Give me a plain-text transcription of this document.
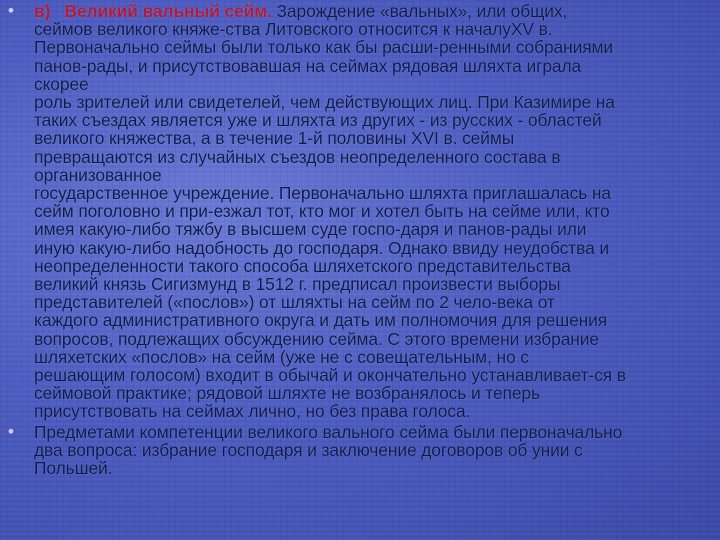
•	в) Великий вальный сейм. Зарождение «вальных», или общих,
сеймов великого княже-ства Литовского относится к началуXV в.
Первоначально сеймы были только как бы расши-ренными собраниями
панов-рады, и присутствовавшая на сеймах рядовая шляхта играла
скорее
роль зрителей или свидетелей, чем действующих лиц. При Казимире на
таких съездах является уже и шляхта из других - из русских - областей
великого княжества, а в течение 1-й половины XVI в. сеймы
превращаются из случайных съездов неопределенного состава в
организованное
государственное учреждение. Первоначально шляхта приглашалась на
сейм поголовно и при-езжал тот, кто мог и хотел быть на сейме или, кто
имея какую-либо тяжбу в высшем суде госпо-даря и панов-рады или
иную какую-либо надобность до господаря. Однако ввиду неудобства и
неопределенности такого способа шляхетского представительства
великий князь Сигизмунд в 1512 г. предписал произвести выборы
представителей («послов») от шляхты на сейм по 2 чело-века от
каждого административного округа и дать им полномочия для решения
вопросов, подлежащих обсуждению сейма. С этого времени избрание
шляхетских «послов» на сейм (уже не с совещательным, но с
решающим голосом) входит в обычай и окончательно устанавливает-ся в
сеймовой практике; рядовой шляхте не возбранялось и теперь
присутствовать на сеймах лично, но без права голоса.
•	Предметами компетенции великого вального сейма были первоначально
два вопроса: избрание господаря и заключение договоров об унии с
Польшей.
